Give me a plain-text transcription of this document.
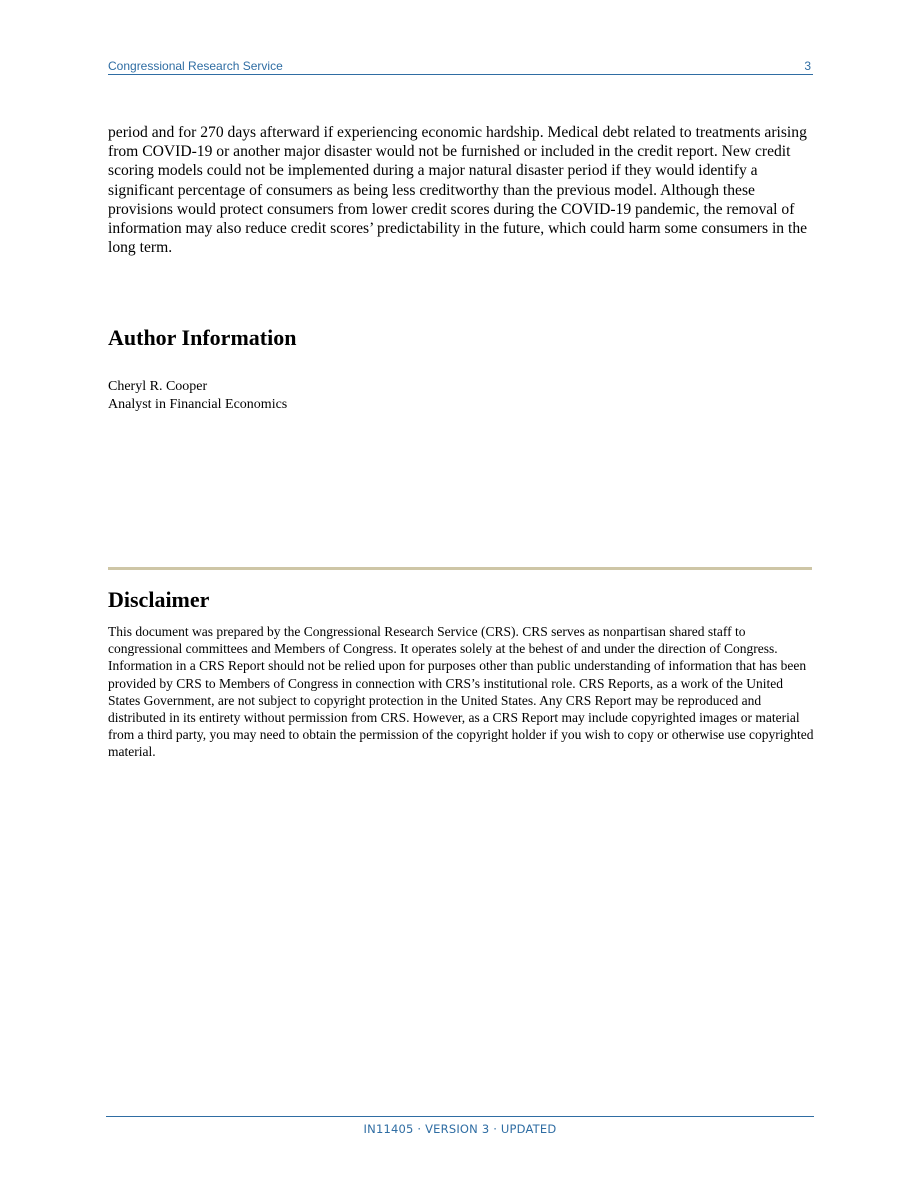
Congressional Research Service	3
period and for 270 days afterward if experiencing economic hardship. Medical debt related to treatments arising from COVID-19 or another major disaster would not be furnished or included in the credit report. New credit scoring models could not be implemented during a major natural disaster period if they would identify a significant percentage of consumers as being less creditworthy than the previous model. Although these provisions would protect consumers from lower credit scores during the COVID-19 pandemic, the removal of information may also reduce credit scores’ predictability in the future, which could harm some consumers in the long term.
Author Information
Cheryl R. Cooper
Analyst in Financial Economics
Disclaimer
This document was prepared by the Congressional Research Service (CRS). CRS serves as nonpartisan shared staff to congressional committees and Members of Congress. It operates solely at the behest of and under the direction of Congress. Information in a CRS Report should not be relied upon for purposes other than public understanding of information that has been provided by CRS to Members of Congress in connection with CRS’s institutional role. CRS Reports, as a work of the United States Government, are not subject to copyright protection in the United States. Any CRS Report may be reproduced and distributed in its entirety without permission from CRS. However, as a CRS Report may include copyrighted images or material from a third party, you may need to obtain the permission of the copyright holder if you wish to copy or otherwise use copyrighted material.
IN11405 · VERSION 3 · UPDATED
